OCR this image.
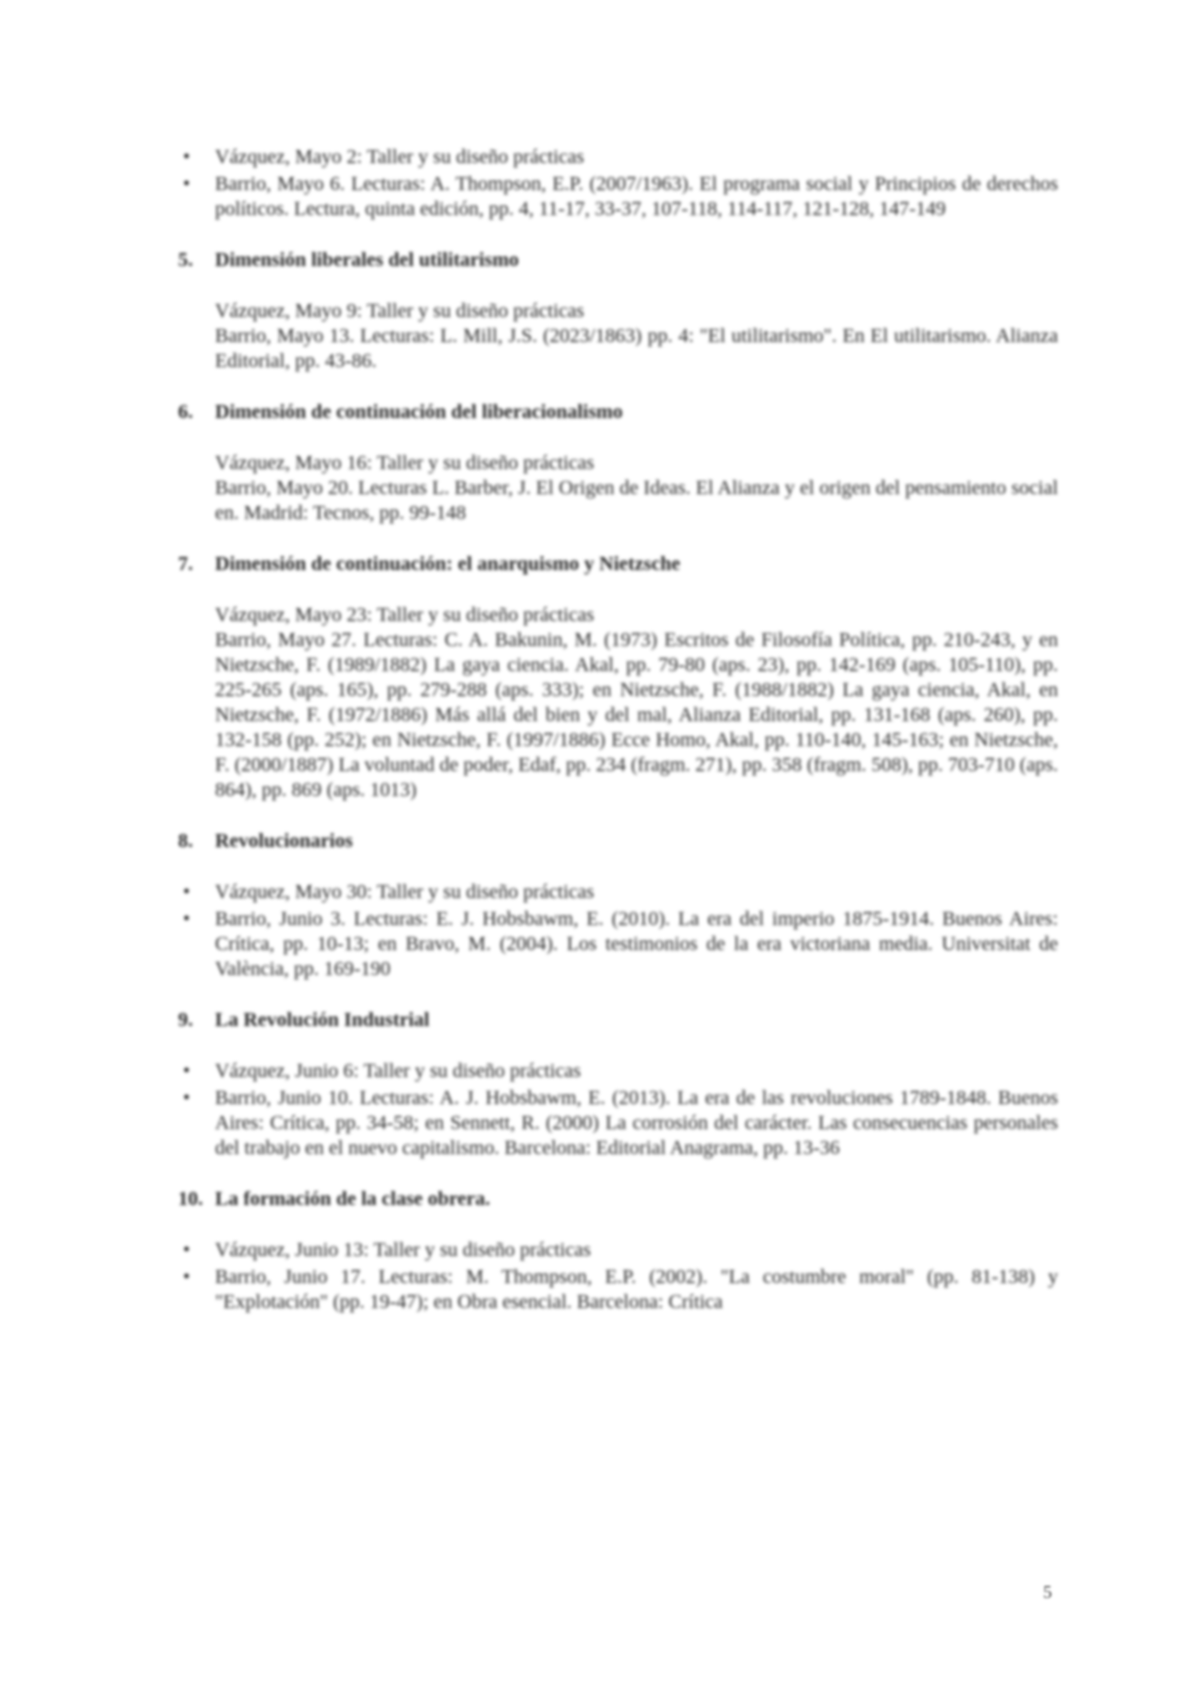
• Vázquez, Mayo 2: Taller y su diseño prácticas
• Barrio, Mayo 6. Lecturas: A. Thompson, E.P. (2007/1963). El programa social y Principios de derechos políticos. Lectura, quinta edición, pp. 4, 11-17, 33-37, 107-118, 114-117, 121-128, 147-149
5.	Dimensión liberales del utilitarismo
Vázquez, Mayo 9: Taller y su diseño prácticas
Barrio, Mayo 13. Lecturas: L. Mill, J.S. (2023/1863) pp. 4: "El utilitarismo". En El utilitarismo. Alianza Editorial, pp. 43-86.
6.	Dimensión de continuación del liberacionalismo
Vázquez, Mayo 16: Taller y su diseño prácticas
Barrio, Mayo 20. Lecturas L. Barber, J. El Origen de Ideas. El Alianza y el origen del pensamiento social en. Madrid: Tecnos, pp. 99-148
7.	Dimensión de continuación: el anarquismo y Nietzsche
Vázquez, Mayo 23: Taller y su diseño prácticas
Barrio, Mayo 27. Lecturas: C. A. Bakunin, M. (1973) Escritos de Filosofía Política, pp. 210-243, y en Nietzsche, F. (1989/1882) La gaya ciencia. Akal, pp. 79-80 (aps. 23), pp. 142-169 (aps. 105-110), pp. 225-265 (aps. 165), pp. 279-288 (aps. 333); en Nietzsche, F. (1988/1882) La gaya ciencia, Akal, en Nietzsche, F. (1972/1886) Más allá del bien y del mal, Alianza Editorial, pp. 131-168 (aps. 260), pp. 132-158 (pp. 252); en Nietzsche, F. (1997/1886) Ecce Homo, Akal, pp. 110-140, 145-163; en Nietzsche, F. (2000/1887) La voluntad de poder, Edaf, pp. 234 (fragm. 271), pp. 358 (fragm. 508), pp. 703-710 (aps. 864), pp. 869 (aps. 1013)
8.	Revolucionarios
• Vázquez, Mayo 30: Taller y su diseño prácticas
• Barrio, Junio 3. Lecturas: E. J. Hobsbawm, E. (2010). La era del imperio 1875-1914. Buenos Aires: Crítica, pp. 10-13; en Bravo, M. (2004). Los testimonios de la era victoriana media. Universitat de València, pp. 169-190
9.	La Revolución Industrial
• Vázquez, Junio 6: Taller y su diseño prácticas
• Barrio, Junio 10. Lecturas: A. J. Hobsbawm, E. (2013). La era de las revoluciones 1789-1848. Buenos Aires: Crítica, pp. 34-58; en Sennett, R. (2000) La corrosión del carácter. Las consecuencias personales del trabajo en el nuevo capitalismo. Barcelona: Editorial Anagrama, pp. 13-36
10. La formación de la clase obrera.
• Vázquez, Junio 13: Taller y su diseño prácticas
• Barrio, Junio 17. Lecturas: M. Thompson, E.P. (2002). "La costumbre moral" (pp. 81-138) y "Explotación" (pp. 19-47); en Obra esencial. Barcelona: Crítica
5
